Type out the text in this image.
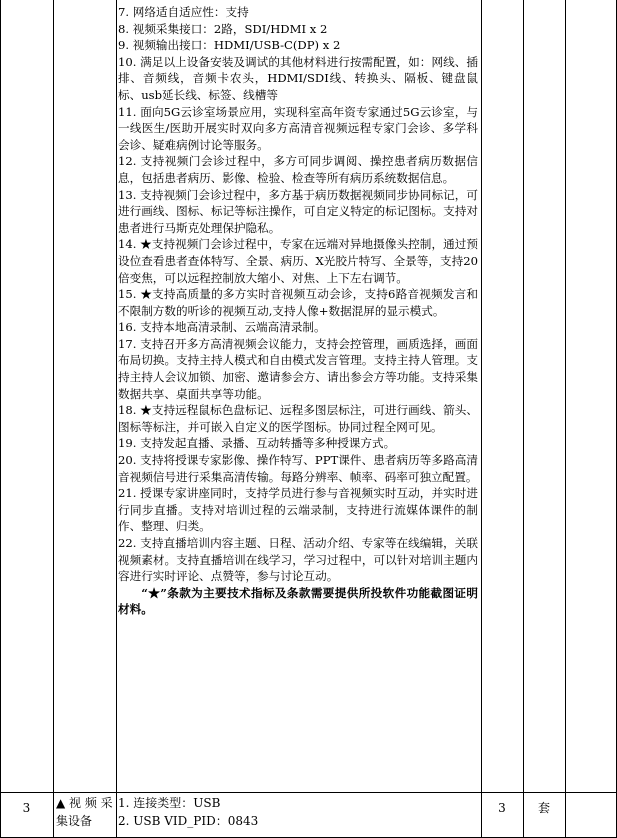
7. 网络适自适应性：支持

8. 视频采集接口：2路，SDI/HDMI x 2

9. 视频输出接口：HDMI/USB-C(DP) x 2

10. 满足以上设备安装及调试的其他材料进行按需配置，如：网线、插排、音频线，音频卡农头，HDMI/SDI线、转换头、隔板、键盘鼠标、usb延长线、标签、线槽等

11. 面向5G云诊室场景应用，实现科室高年资专家通过5G云诊室，与一线医生/医助开展实时双向多方高清音视频远程专家门会诊、多学科会诊、疑难病例讨论等服务。

12. 支持视频门会诊过程中，多方可同步调阅、操控患者病历数据信息，包括患者病历、影像、检验、检查等所有病历系统数据信息。

13. 支持视频门会诊过程中，多方基于病历数据视频同步协同标记，可进行画线、图标、标记等标注操作，可自定义特定的标记图标。支持对患者进行马斯克处理保护隐私。

14. ★支持视频门会诊过程中，专家在远端对异地摄像头控制，通过预设位查看患者查体特写、全景、病历、X光胶片特写、全景等，支持20倍变焦，可以远程控制放大缩小、对焦、上下左右调节。

15. ★支持高质量的多方实时音视频互动会诊，支持6路音视频发言和不限制方数的听诊的视频互动,支持人像+数据混屏的显示模式。

16. 支持本地高清录制、云端高清录制。

17. 支持召开多方高清视频会议能力，支持会控管理，画质选择，画面布局切换。支持主持人模式和自由模式发言管理。支持主持人管理。支持主持人会议加锁、加密、邀请参会方、请出参会方等功能。支持采集数据共享、桌面共享等功能。

18. ★支持远程鼠标色盘标记、远程多图层标注，可进行画线、箭头、图标等标注，并可嵌入自定义的医学图标。协同过程全网可见。

19. 支持发起直播、录播、互动转播等多种授课方式。

20. 支持将授课专家影像、操作特写、PPT课件、患者病历等多路高清音视频信号进行采集高清传输。每路分辨率、帧率、码率可独立配置。

21. 授课专家讲座同时，支持学员进行参与音视频实时互动，并实时进行同步直播。支持对培训过程的云端录制，支持进行流媒体课件的制作、整理、归类。

22. 支持直播培训内容主题、日程、活动介绍、专家等在线编辑，关联视频素材。支持直播培训在线学习，学习过程中，可以针对培训主题内容进行实时评论、点赞等，参与讨论互动。

“★”条款为主要技术指标及条款需要提供所投软件功能截图证明材料。

3	▲ 视 频 采
集设备
1. 连接类型：USB
2. USB VID_PID：0843
3	套
